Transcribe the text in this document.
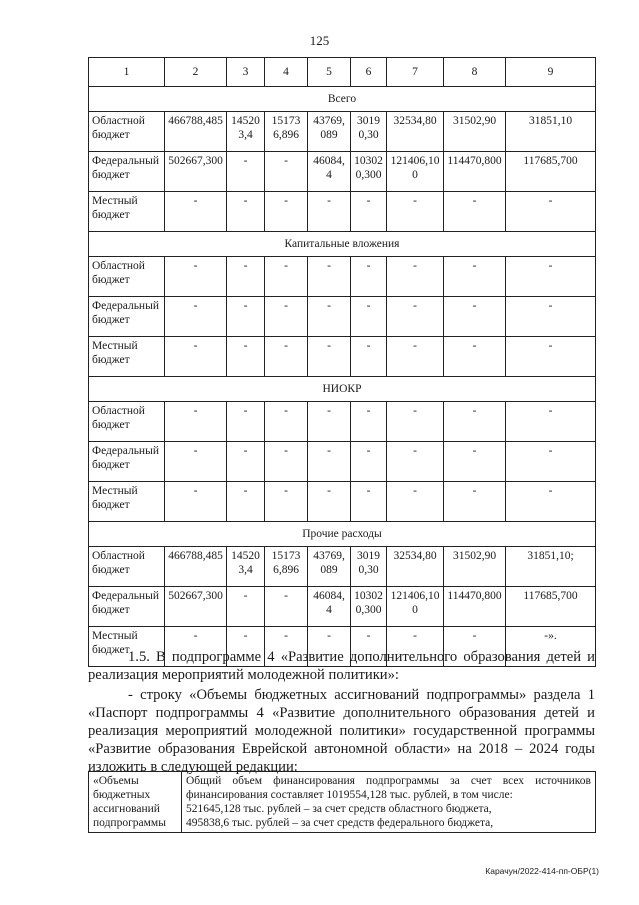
125
1	2	3	4	5	6	7	8	9
Всего								
Областной бюджет	466788,485	145203,4	151736,896	43769,089	30190,30	32534,80	31502,90	31851,10
Федеральный бюджет	502667,300	-	-	46084,4	103020,300	121406,100	114470,800	117685,700
Местный бюджет	-	-	-	-	-	-	-	-
Капитальные вложения								
Областной бюджет	-	-	-	-	-	-	-	-
Федеральный бюджет	-	-	-	-	-	-	-	-
Местный бюджет	-	-	-	-	-	-	-	-
НИОКР								
Областной бюджет	-	-	-	-	-	-	-	-
Федеральный бюджет	-	-	-	-	-	-	-	-
Местный бюджет	-	-	-	-	-	-	-	-
Прочие расходы								
Областной бюджет	466788,485	145203,4	151736,896	43769,089	30190,30	32534,80	31502,90	31851,10;
Федеральный бюджет	502667,300	-	-	46084,4	103020,300	121406,100	114470,800	117685,700
Местный бюджет	-	-	-	-	-	-	-	-».
1.5. В подпрограмме 4 «Развитие дополнительного образования детей и реализация мероприятий молодежной политики»:
- строку «Объемы бюджетных ассигнований подпрограммы» раздела 1 «Паспорт подпрограммы 4 «Развитие дополнительного образования детей и реализация мероприятий молодежной политики» государственной программы «Развитие образования Еврейской автономной области» на 2018 – 2024 годы изложить в следующей редакции:
«Объемы бюджетных ассигнований подпрограммы	
Общий объем финансирования подпрограммы за счет всех источников финансирования составляет 1019554,128 тыс. рублей, в том числе:
521645,128 тыс. рублей – за счет средств областного бюджета,
495838,6 тыс. рублей – за счет средств федерального бюджета,
Карачун/2022-414-пп-ОБР(1)
